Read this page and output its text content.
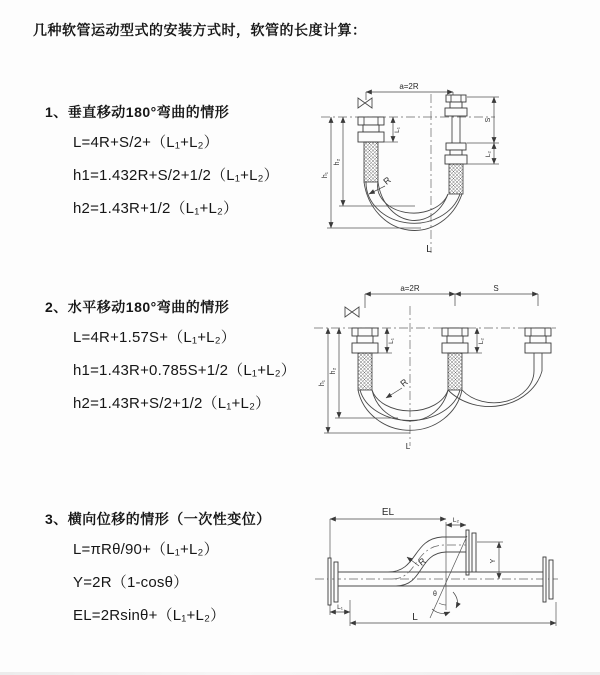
几种软管运动型式的安装方式时，软管的长度计算：
1、垂直移动180°弯曲的情形
L=4R+S/2+（L₁+L₂）
h1=1.432R+S/2+1/2（L₁+L₂）
h2=1.43R+1/2（L₁+L₂）
2、水平移动180°弯曲的情形
L=4R+1.57S+（L₁+L₂）
h1=1.43R+0.785S+1/2（L₁+L₂）
h2=1.43R+S/2+1/2（L₁+L₂）
3、横向位移的情形（一次性变位）
L=πRθ/90+（L₁+L₂）
Y=2R（1-cosθ）
EL=2Rsinθ+（L₁+L₂）
a=2R
h₁
h₂
L₁
S
L₂
R
L
a=2R	S
h₁
h₂
L₁	L₂
R
L
EL
L₂
Y
θ
R
L₁
L
